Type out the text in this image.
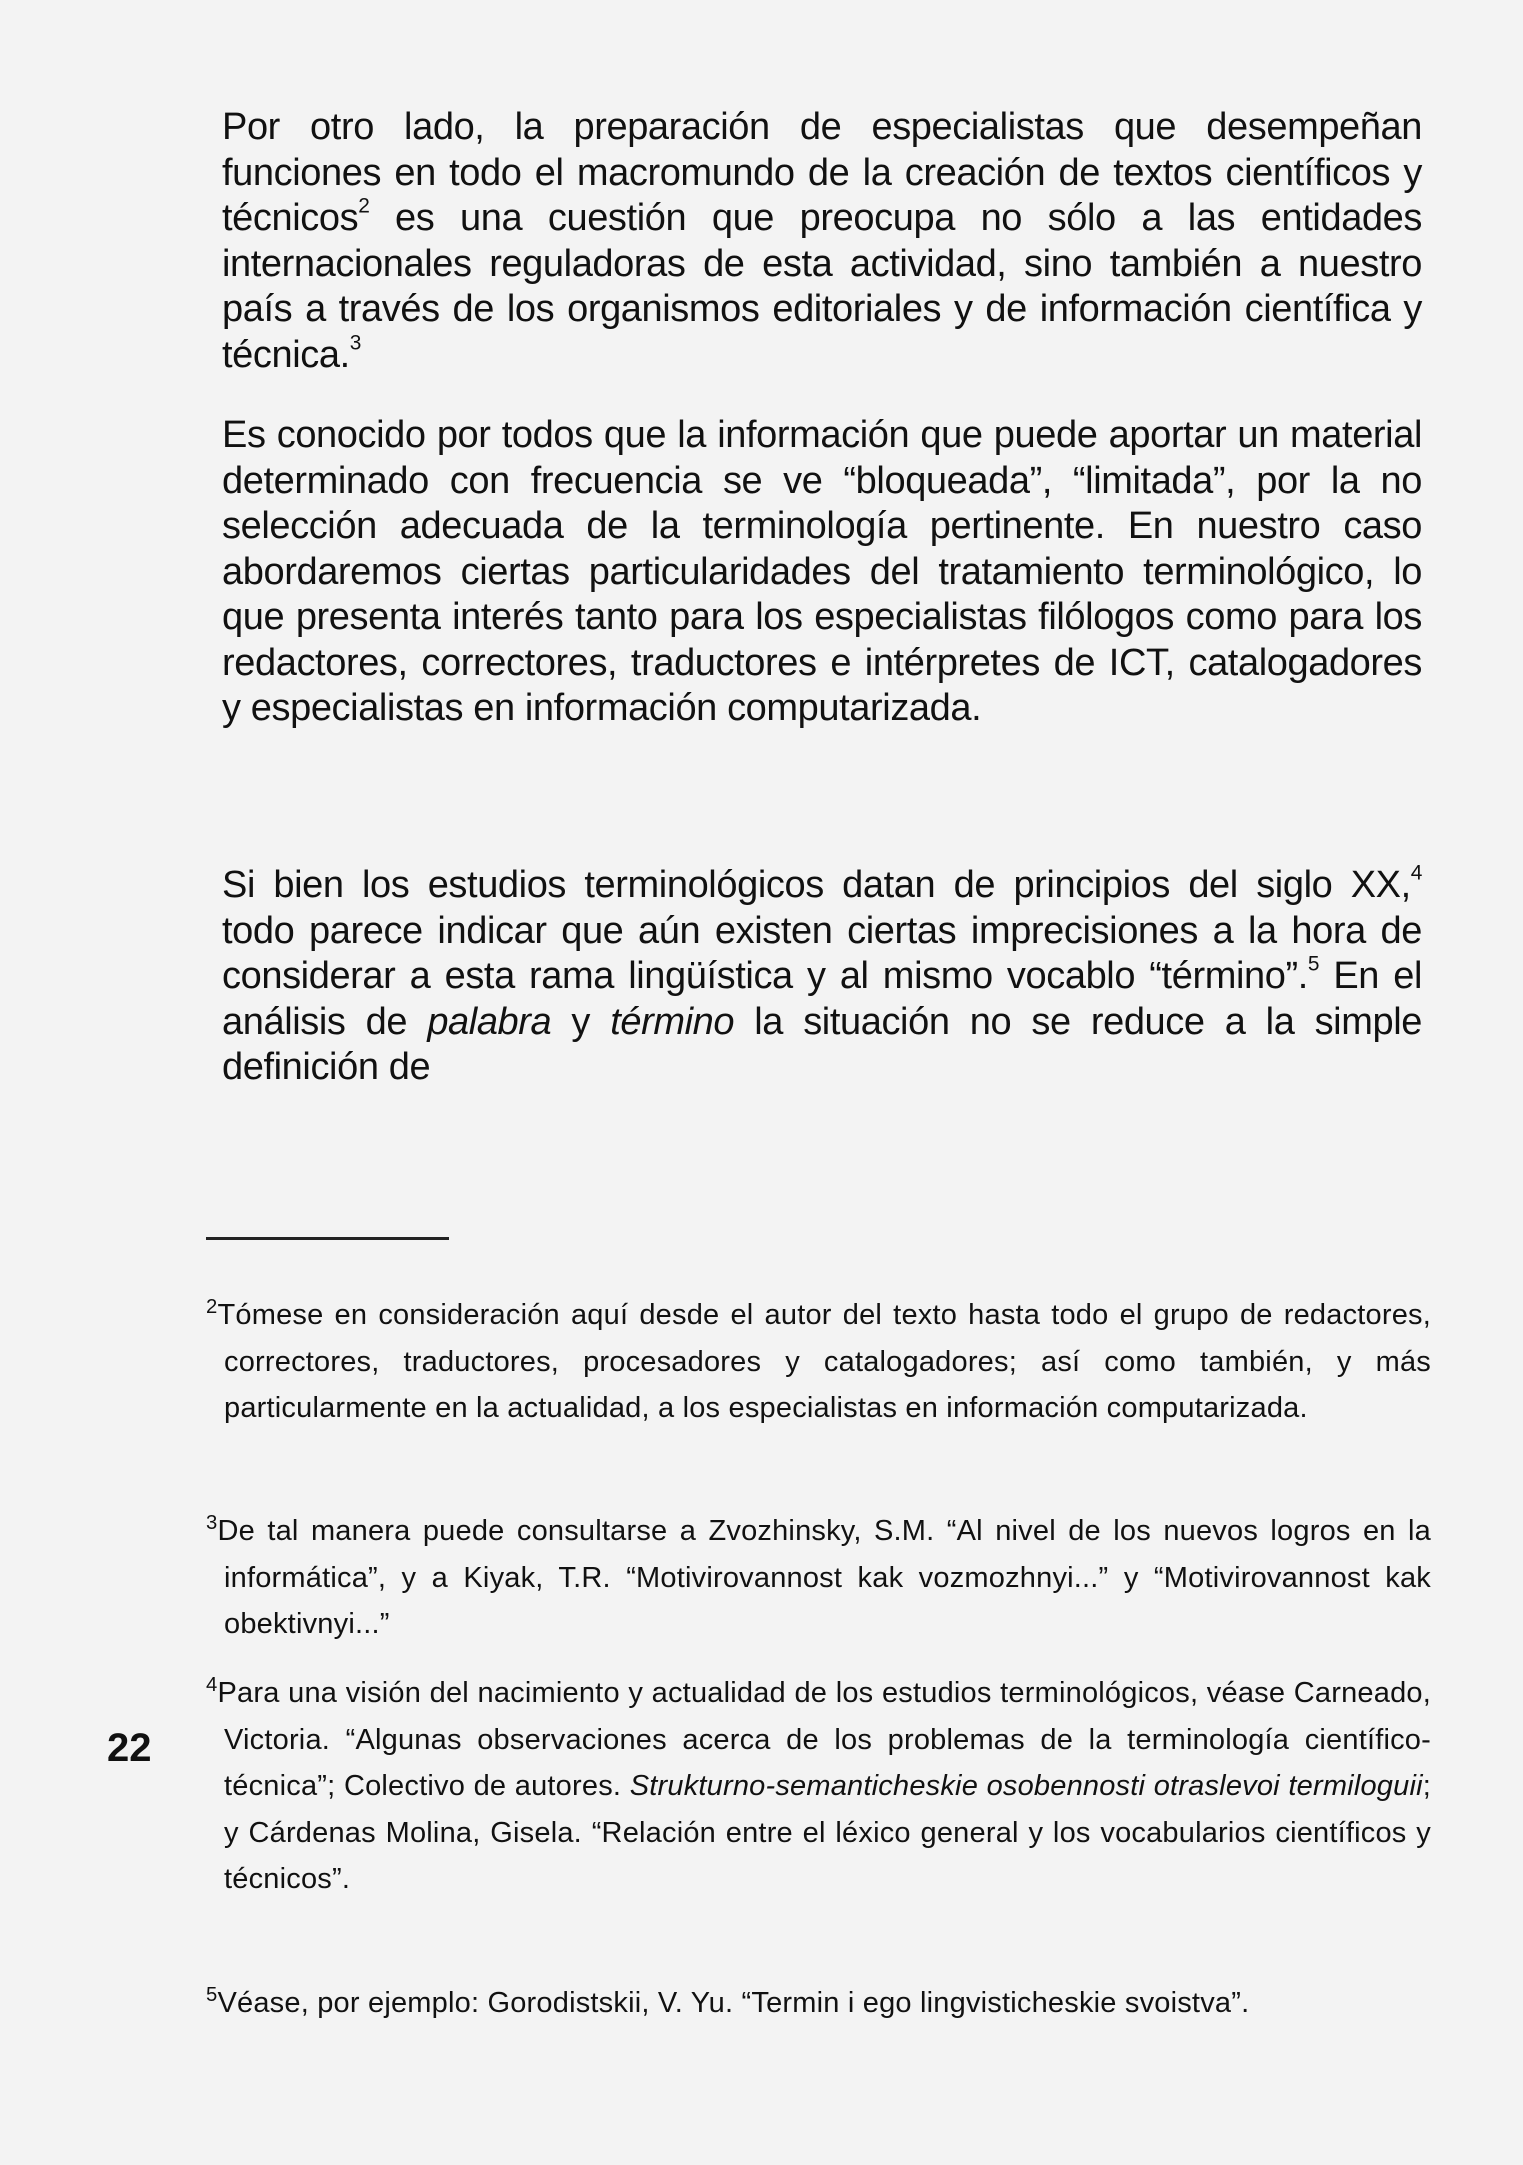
Por otro lado, la preparación de especialistas que desempeñan funciones en todo el macromundo de la creación de textos científicos y técnicos$^2$ es una cuestión que preocupa no sólo a las entidades internacionales reguladoras de esta actividad, sino también a nuestro país a través de los organismos editoriales y de información científica y técnica.$^3$

Es conocido por todos que la información que puede aportar un material determinado con frecuencia se ve “bloqueada”, “limitada”, por la no selección adecuada de la terminología pertinente. En nuestro caso abordaremos ciertas particularidades del tratamiento terminológico, lo que presenta interés tanto para los especialistas filólogos como para los redactores, correctores, traductores e intérpretes de ICT, catalogadores y especialistas en información computarizada.

Si bien los estudios terminológicos datan de principios del siglo XX,$^4$ todo parece indicar que aún existen ciertas imprecisiones a la hora de considerar a esta rama lingüística y al mismo vocablo “término”.$^5$ En el análisis de palabra y término la situación no se reduce a la simple definición de

$^2$Tómese en consideración aquí desde el autor del texto hasta todo el grupo de redactores, correctores, traductores, procesadores y catalogadores; así como también, y más particularmente en la actualidad, a los especialistas en información computarizada.

$^3$De tal manera puede consultarse a Zvozhinsky, S.M. “Al nivel de los nuevos logros en la informática”, y a Kiyak, T.R. “Motivirovannost kak vozmozhnyi...” y “Motivirovannost kak obektivnyi...”

$^4$Para una visión del nacimiento y actualidad de los estudios terminológicos, véase Carneado, Victoria. “Algunas observaciones acerca de los problemas de la terminología científico-técnica”; Colectivo de autores. Strukturno-semanticheskie osobennosti otraslevoi termiloguii; y Cárdenas Molina, Gisela. “Relación entre el léxico general y los vocabularios científicos y técnicos”.

$^5$Véase, por ejemplo: Gorodistskii, V. Yu. “Termin i ego lingvisticheskie svoistva”.

22
